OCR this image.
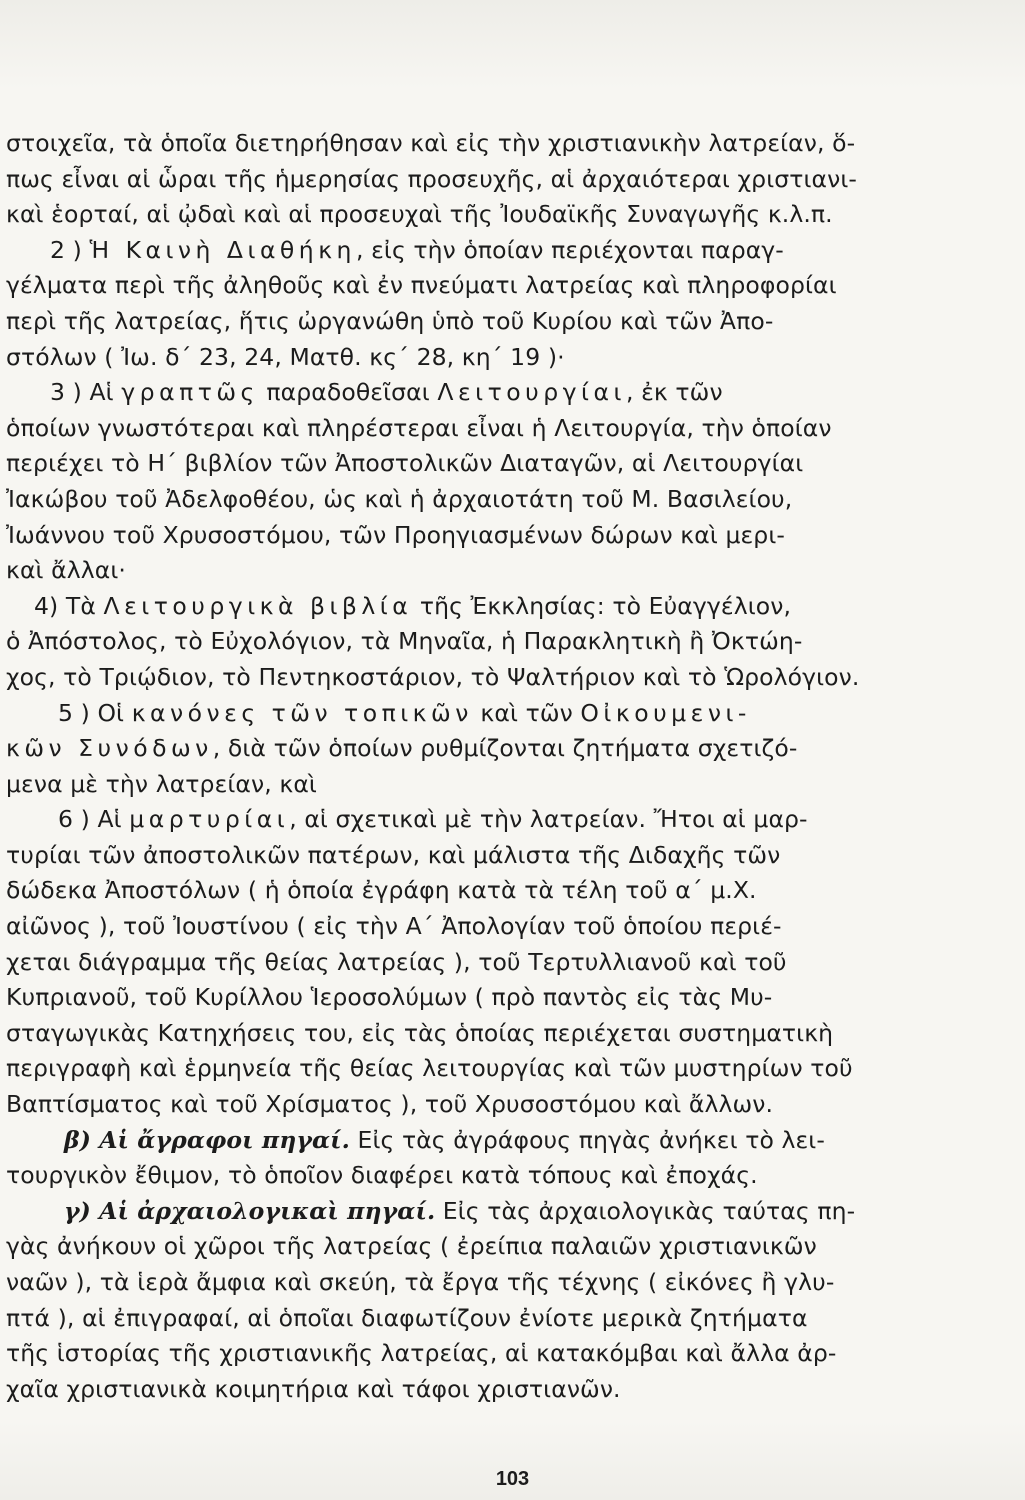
στοιχεῖα, τὰ ὁποῖα διετηρήθησαν καὶ εἰς τὴν χριστιανικὴν λατρείαν, ὅ-
πως εἶναι αἱ ὧραι τῆς ἡμερησίας προσευχῆς, αἱ ἀρχαιότεραι χριστιανι-
καὶ ἑορταί, αἱ ᾠδαὶ καὶ αἱ προσευχαὶ τῆς Ἰουδαϊκῆς Συναγωγῆς κ.λ.π.
2 ) Ἡ Καινὴ Διαθήκη, εἰς τὴν ὁποίαν περιέχονται παραγ-
γέλματα περὶ τῆς ἀληθοῦς καὶ ἐν πνεύματι λατρείας καὶ πληροφορίαι
περὶ τῆς λατρείας, ἥτις ὠργανώθη ὑπὸ τοῦ Κυρίου καὶ τῶν Ἀπο-
στόλων ( Ἰω. δ΄ 23, 24, Ματθ. κς΄ 28, κη΄ 19 )·
3 ) Αἱ γραπτῶς παραδοθεῖσαι Λειτουργίαι, ἐκ τῶν
ὁποίων γνωστότεραι καὶ πληρέστεραι εἶναι ἡ Λειτουργία, τὴν ὁποίαν
περιέχει τὸ Η΄ βιβλίον τῶν Ἀποστολικῶν Διαταγῶν, αἱ Λειτουργίαι
Ἰακώβου τοῦ Ἀδελφοθέου, ὡς καὶ ἡ ἀρχαιοτάτη τοῦ Μ. Βασιλείου,
Ἰωάννου τοῦ Χρυσοστόμου, τῶν Προηγιασμένων δώρων καὶ μερι-
καὶ ἄλλαι·
4) Τὰ Λειτουργικὰ βιβλία τῆς Ἐκκλησίας: τὸ Εὐαγγέλιον,
ὁ Ἀπόστολος, τὸ Εὐχολόγιον, τὰ Μηναῖα, ἡ Παρακλητικὴ ἢ Ὀκτώη-
χος, τὸ Τριῴδιον, τὸ Πεντηκοστάριον, τὸ Ψαλτήριον καὶ τὸ Ὡρολόγιον.
5 ) Οἱ κανόνες τῶν τοπικῶν καὶ τῶν Οἰκουμενι-
κῶν Συνόδων, διὰ τῶν ὁποίων ρυθμίζονται ζητήματα σχετιζό-
μενα μὲ τὴν λατρείαν, καὶ
6 ) Αἱ μαρτυρίαι, αἱ σχετικαὶ μὲ τὴν λατρείαν. Ἤτοι αἱ μαρ-
τυρίαι τῶν ἀποστολικῶν πατέρων, καὶ μάλιστα τῆς Διδαχῆς τῶν
δώδεκα Ἀποστόλων ( ἡ ὁποία ἐγράφη κατὰ τὰ τέλη τοῦ α΄ μ.Χ.
αἰῶνος ), τοῦ Ἰουστίνου ( εἰς τὴν Α΄ Ἀπολογίαν τοῦ ὁποίου περιέ-
χεται διάγραμμα τῆς θείας λατρείας ), τοῦ Τερτυλλιανοῦ καὶ τοῦ
Κυπριανοῦ, τοῦ Κυρίλλου Ἱεροσολύμων ( πρὸ παντὸς εἰς τὰς Μυ-
σταγωγικὰς Κατηχήσεις του, εἰς τὰς ὁποίας περιέχεται συστηματικὴ
περιγραφὴ καὶ ἑρμηνεία τῆς θείας λειτουργίας καὶ τῶν μυστηρίων τοῦ
Βαπτίσματος καὶ τοῦ Χρίσματος ), τοῦ Χρυσοστόμου καὶ ἄλλων.
β) Αἱ ἄγραφοι πηγαί. Εἰς τὰς ἀγράφους πηγὰς ἀνήκει τὸ λει-
τουργικὸν ἔθιμον, τὸ ὁποῖον διαφέρει κατὰ τόπους καὶ ἐποχάς.
γ) Αἱ ἀρχαιολογικαὶ πηγαί. Εἰς τὰς ἀρχαιολογικὰς ταύτας πη-
γὰς ἀνήκουν οἱ χῶροι τῆς λατρείας ( ἐρείπια παλαιῶν χριστιανικῶν
ναῶν ), τὰ ἱερὰ ἄμφια καὶ σκεύη, τὰ ἔργα τῆς τέχνης ( εἰκόνες ἢ γλυ-
πτά ), αἱ ἐπιγραφαί, αἱ ὁποῖαι διαφωτίζουν ἐνίοτε μερικὰ ζητήματα
τῆς ἱστορίας τῆς χριστιανικῆς λατρείας, αἱ κατακόμβαι καὶ ἄλλα ἀρ-
χαῖα χριστιανικὰ κοιμητήρια καὶ τάφοι χριστιανῶν.
103
